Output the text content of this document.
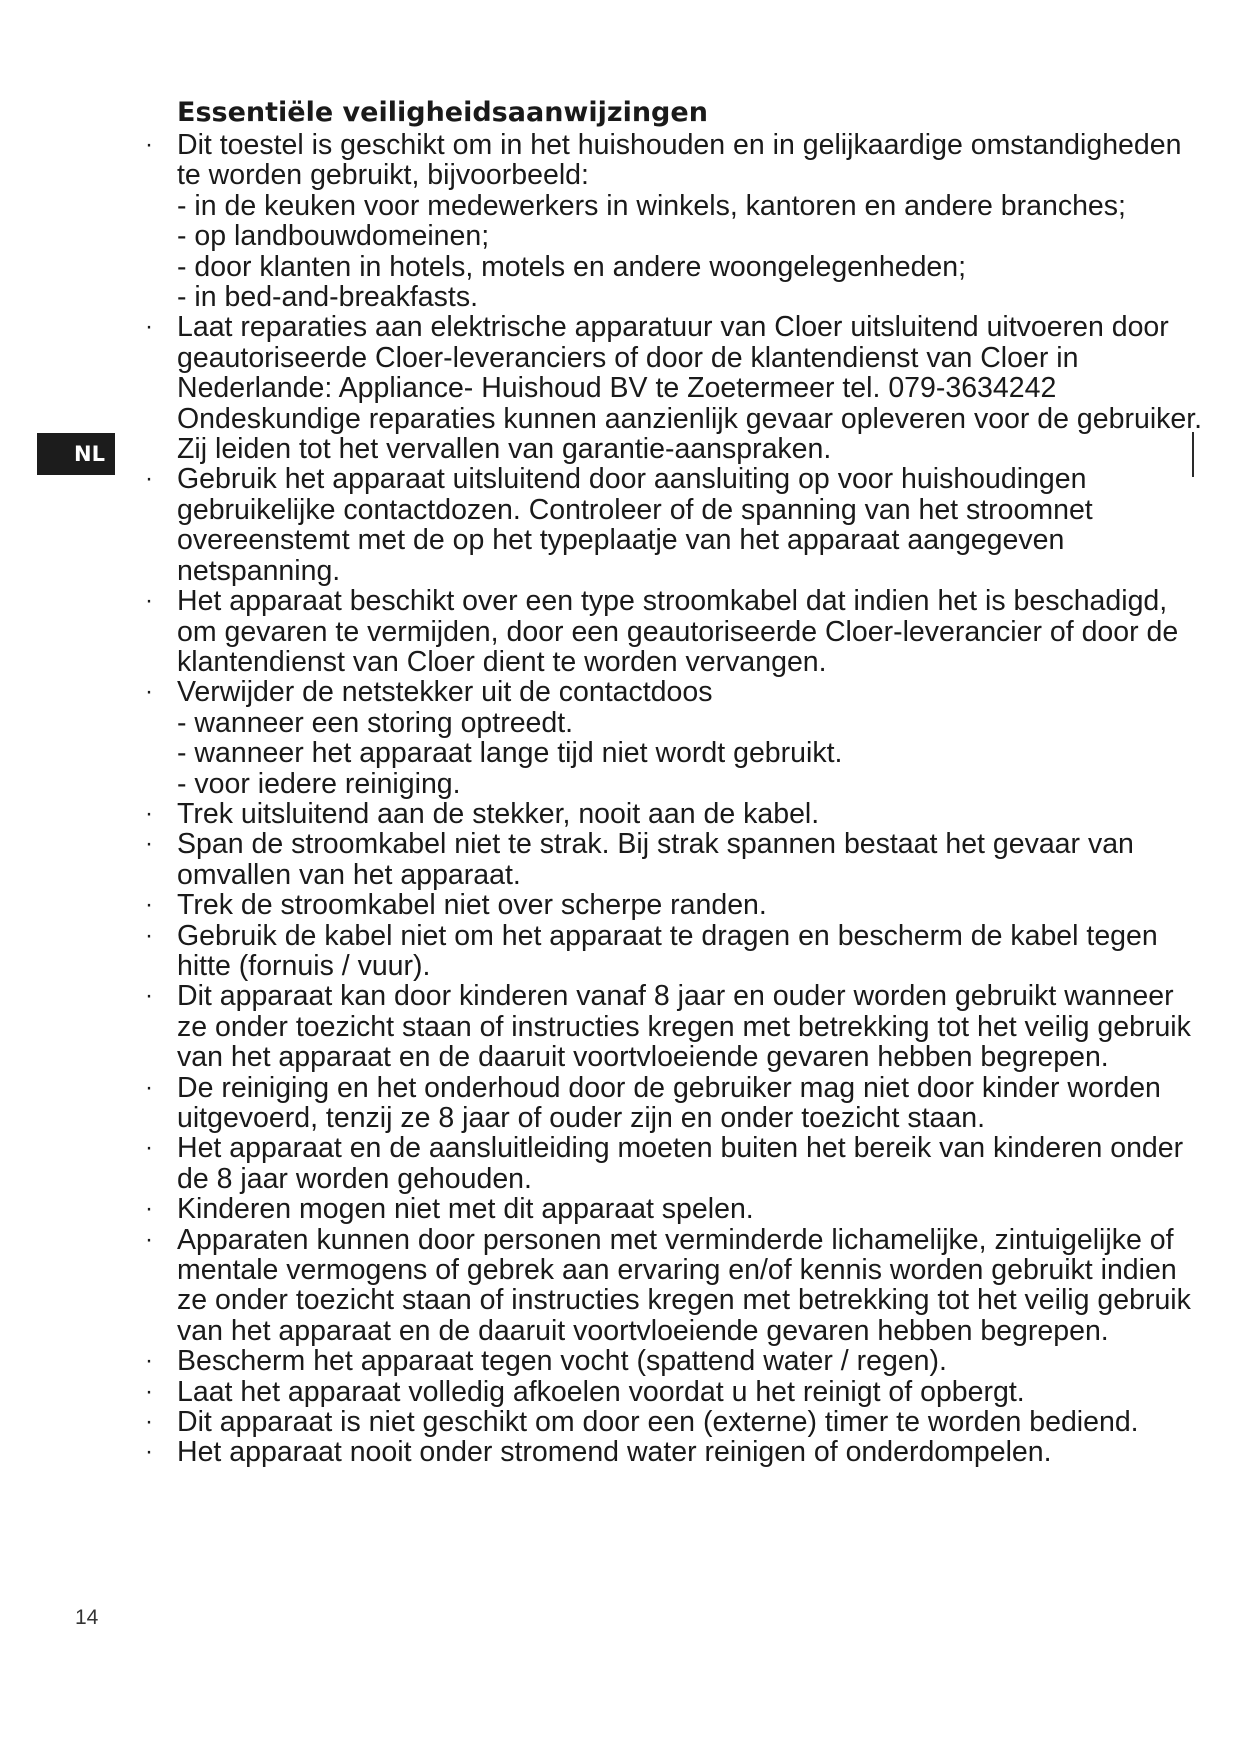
NL
14
Essentiële veiligheidsaanwijzingen
· Dit toestel is geschikt om in het huishouden en in gelijkaardige omstandigheden te worden gebruikt, bijvoorbeeld:
- in de keuken voor medewerkers in winkels, kantoren en andere branches;
- op landbouwdomeinen;
- door klanten in hotels, motels en andere woongelegenheden;
- in bed-and-breakfasts.
· Laat reparaties aan elektrische apparatuur van Cloer uitsluitend uitvoeren door geautoriseerde Cloer-leveranciers of door de klantendienst van Cloer in Nederlande: Appliance- Huishoud BV te Zoetermeer tel. 079-3634242 Ondeskundige reparaties kunnen aanzienlijk gevaar opleveren voor de gebruiker. Zij leiden tot het vervallen van garantie-aanspraken.
· Gebruik het apparaat uitsluitend door aansluiting op voor huishoudingen gebruikelijke contactdozen. Controleer of de spanning van het stroomnet overeenstemt met de op het typeplaatje van het apparaat aangegeven netspanning.
· Het apparaat beschikt over een type stroomkabel dat indien het is beschadigd, om gevaren te vermijden, door een geautoriseerde Cloer-leverancier of door de klantendienst van Cloer dient te worden vervangen.
· Verwijder de netstekker uit de contactdoos
- wanneer een storing optreedt.
- wanneer het apparaat lange tijd niet wordt gebruikt.
- voor iedere reiniging.
· Trek uitsluitend aan de stekker, nooit aan de kabel.
· Span de stroomkabel niet te strak. Bij strak spannen bestaat het gevaar van omvallen van het apparaat.
· Trek de stroomkabel niet over scherpe randen.
· Gebruik de kabel niet om het apparaat te dragen en bescherm de kabel tegen hitte (fornuis / vuur).
· Dit apparaat kan door kinderen vanaf 8 jaar en ouder worden gebruikt wanneer ze onder toezicht staan of instructies kregen met betrekking tot het veilig gebruik van het apparaat en de daaruit voortvloeiende gevaren hebben begrepen.
· De reiniging en het onderhoud door de gebruiker mag niet door kinder worden uitgevoerd, tenzij ze 8 jaar of ouder zijn en onder toezicht staan.
· Het apparaat en de aansluitleiding moeten buiten het bereik van kinderen onder de 8 jaar worden gehouden.
· Kinderen mogen niet met dit apparaat spelen.
· Apparaten kunnen door personen met verminderde lichamelijke, zintuigelijke of mentale vermogens of gebrek aan ervaring en/of kennis worden gebruikt indien ze onder toezicht staan of instructies kregen met betrekking tot het veilig gebruik van het apparaat en de daaruit voortvloeiende gevaren hebben begrepen.
· Bescherm het apparaat tegen vocht (spattend water / regen).
· Laat het apparaat volledig afkoelen voordat u het reinigt of opbergt.
· Dit apparaat is niet geschikt om door een (externe) timer te worden bediend.
· Het apparaat nooit onder stromend water reinigen of onderdompelen.
